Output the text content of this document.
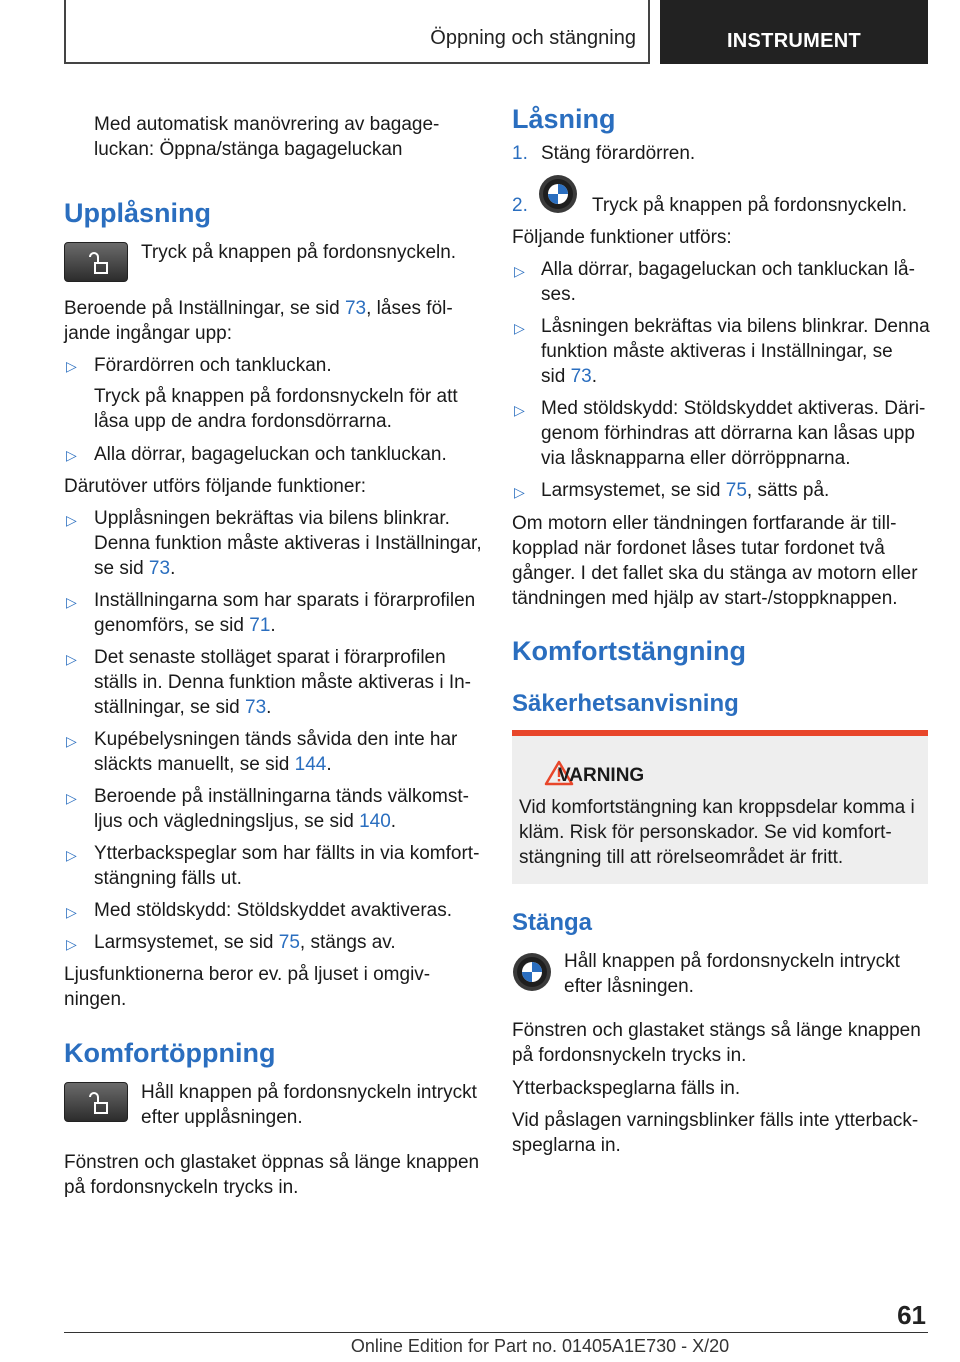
Öppning och stängning	INSTRUMENT
Med automatisk manövrering av bagage-
luckan: Öppna/stänga bagageluckan
Upplåsning
Tryck på knappen på fordonsnyckeln.
Beroende på Inställningar, se sid 73, låses föl-
jande ingångar upp:
▷ Förardörren och tankluckan.
Tryck på knappen på fordonsnyckeln för att
låsa upp de andra fordonsdörrarna.
▷ Alla dörrar, bagageluckan och tankluckan.
Därutöver utförs följande funktioner:
▷ Upplåsningen bekräftas via bilens blinkrar.
Denna funktion måste aktiveras i Inställningar,
se sid 73.
▷ Inställningarna som har sparats i förarprofilen
genomförs, se sid 71.
▷ Det senaste stolläget sparat i förarprofilen
ställs in. Denna funktion måste aktiveras i In-
ställningar, se sid 73.
▷ Kupébelysningen tänds såvida den inte har
släckts manuellt, se sid 144.
▷ Beroende på inställningarna tänds välkomst-
ljus och vägledningsljus, se sid 140.
▷ Ytterbackspeglar som har fällts in via komfort-
stängning fälls ut.
▷ Med stöldskydd: Stöldskyddet avaktiveras.
▷ Larmsystemet, se sid 75, stängs av.
Ljusfunktionerna beror ev. på ljuset i omgiv-
ningen.
Komfortöppning
Håll knappen på fordonsnyckeln intryckt
efter upplåsningen.
Fönstren och glastaket öppnas så länge knappen
på fordonsnyckeln trycks in.
Låsning
1. Stäng förardörren.
2.	Tryck på knappen på fordonsnyckeln.
Följande funktioner utförs:
▷ Alla dörrar, bagageluckan och tankluckan lå-
ses.
▷ Låsningen bekräftas via bilens blinkrar. Denna
funktion måste aktiveras i Inställningar, se
sid 73.
▷ Med stöldskydd: Stöldskyddet aktiveras. Däri-
genom förhindras att dörrarna kan låsas upp
via låsknapparna eller dörröppnarna.
▷ Larmsystemet, se sid 75, sätts på.
Om motorn eller tändningen fortfarande är till-
kopplad när fordonet låses tutar fordonet två
gånger. I det fallet ska du stänga av motorn eller
tändningen med hjälp av start-/stoppknappen.
Komfortstängning
Säkerhetsanvisning
VARNING
Vid komfortstängning kan kroppsdelar komma i
kläm. Risk för personskador. Se vid komfort-
stängning till att rörelseområdet är fritt.
Stänga
Håll knappen på fordonsnyckeln intryckt
efter låsningen.
Fönstren och glastaket stängs så länge knappen
på fordonsnyckeln trycks in.
Ytterbackspeglarna fälls in.
Vid påslagen varningsblinker fälls inte ytterback-
speglarna in.
61
Online Edition for Part no. 01405A1E730 - X/20
